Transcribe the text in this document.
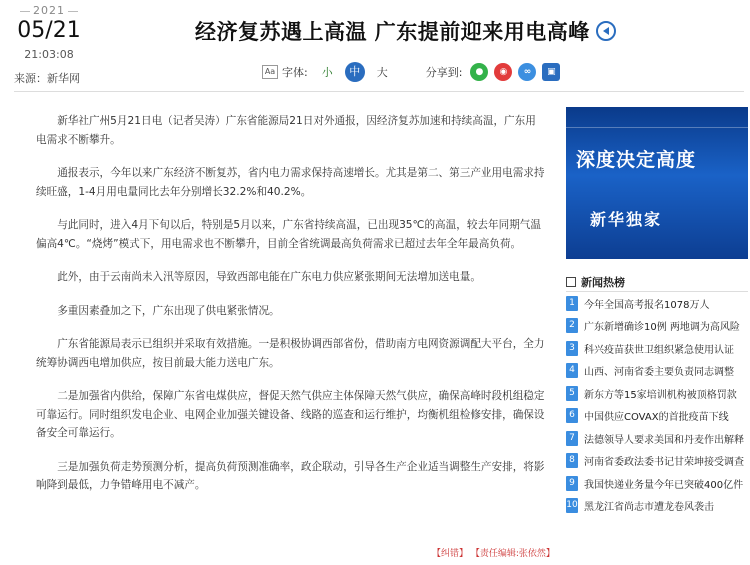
2021
05/21
21:03:08
来源：新华网
经济复苏遇上高温 广东提前迎来用电高峰
Aa 字体: 小	中	大	分享到:	●	◉	∞	▣

新华社广州5月21日电（记者吴涛）广东省能源局21日对外通报，因经济复苏加速和持续高温，广东用电需求不断攀升。

通报表示，今年以来广东经济不断复苏，省内电力需求保持高速增长。尤其是第二、第三产业用电需求持续旺盛，1-4月用电量同比去年分别增长32.2%和40.2%。

与此同时，进入4月下旬以后，特别是5月以来，广东省持续高温，已出现35℃的高温，较去年同期气温偏高4℃。“烧烤”模式下，用电需求也不断攀升，目前全省统调最高负荷需求已超过去年全年最高负荷。

此外，由于云南尚未入汛等原因，导致西部电能在广东电力供应紧张期间无法增加送电量。

多重因素叠加之下，广东出现了供电紧张情况。

广东省能源局表示已组织并采取有效措施。一是积极协调西部省份，借助南方电网资源调配大平台，全力统筹协调西电增加供应，按目前最大能力送电广东。

二是加强省内供给，保障广东省电煤供应，督促天然气供应主体保障天然气供应，确保高峰时段机组稳定可靠运行。同时组织发电企业、电网企业加强关键设备、线路的巡查和运行维护，均衡机组检修安排，确保设备安全可靠运行。

三是加强负荷走势预测分析，提高负荷预测准确率，政企联动，引导各生产企业适当调整生产安排，将影响降到最低，力争错峰用电不减产。

【纠错】 【责任编辑:张依然】
深度决定高度
新华独家
新闻热榜
1 今年全国高考报名1078万人
2 广东新增确诊10例 两地调为高风险
3 科兴疫苗获世卫组织紧急使用认证
4 山西、河南省委主要负责同志调整
5 新东方等15家培训机构被顶格罚款
6 中国供应COVAX的首批疫苗下线
7 法德领导人要求美国和丹麦作出解释
8 河南省委政法委书记甘荣坤接受调查
9 我国快递业务量今年已突破400亿件
10 黑龙江省尚志市遭龙卷风袭击
